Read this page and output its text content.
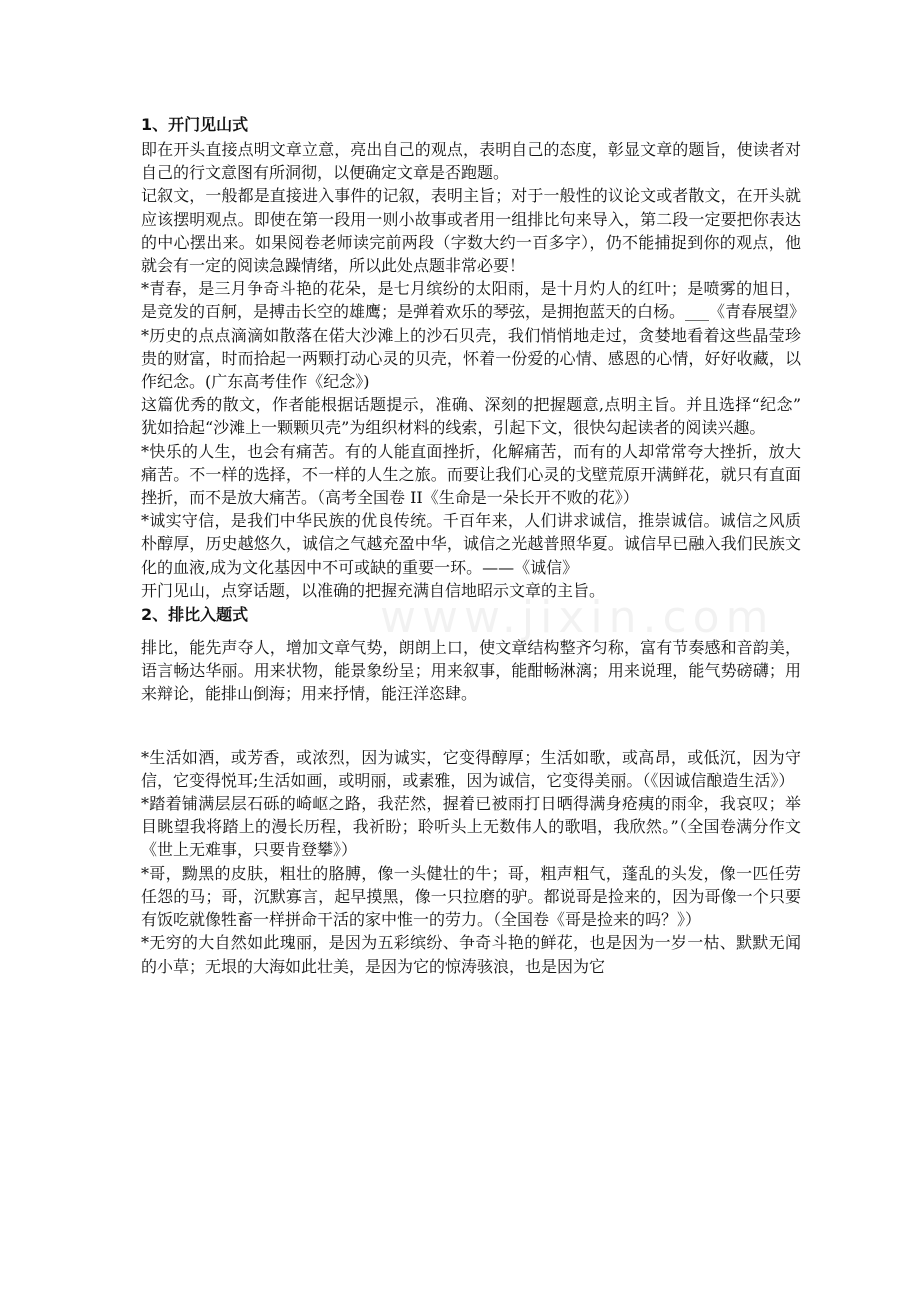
www.jixin.com

1、开门见山式

即在开头直接点明文章立意，亮出自己的观点，表明自己的态度，彰显文章的题旨，使读者对自己的行文意图有所洞彻，以便确定文章是否跑题。

记叙文，一般都是直接进入事件的记叙，表明主旨；对于一般性的议论文或者散文，在开头就应该摆明观点。即使在第一段用一则小故事或者用一组排比句来导入，第二段一定要把你表达的中心摆出来。如果阅卷老师读完前两段（字数大约一百多字），仍不能捕捉到你的观点，他就会有一定的阅读急躁情绪，所以此处点题非常必要！

*青春，是三月争奇斗艳的花朵，是七月缤纷的太阳雨，是十月灼人的红叶；是喷雾的旭日，是竞发的百舸，是搏击长空的雄鹰；是弹着欢乐的琴弦，是拥抱蓝天的白杨。___《青春展望》

*历史的点点滴滴如散落在偌大沙滩上的沙石贝壳，我们悄悄地走过，贪婪地看着这些晶莹珍贵的财富，时而拾起一两颗打动心灵的贝壳，怀着一份爱的心情、感恩的心情，好好收藏，以作纪念。(广东高考佳作《纪念》)

这篇优秀的散文，作者能根据话题提示，准确、深刻的把握题意,点明主旨。并且选择“纪念”犹如拾起“沙滩上一颗颗贝壳”为组织材料的线索，引起下文，很快勾起读者的阅读兴趣。

*快乐的人生，也会有痛苦。有的人能直面挫折，化解痛苦，而有的人却常常夸大挫折，放大痛苦。不一样的选择，不一样的人生之旅。而要让我们心灵的戈壁荒原开满鲜花，就只有直面挫折，而不是放大痛苦。（高考全国卷 II《生命是一朵长开不败的花》）

*诚实守信，是我们中华民族的优良传统。千百年来，人们讲求诚信，推崇诚信。诚信之风质朴醇厚，历史越悠久，诚信之气越充盈中华，诚信之光越普照华夏。诚信早已融入我们民族文化的血液,成为文化基因中不可或缺的重要一环。——《诚信》

开门见山，点穿话题，以准确的把握充满自信地昭示文章的主旨。

2、排比入题式

排比，能先声夺人，增加文章气势，朗朗上口，使文章结构整齐匀称，富有节奏感和音韵美，语言畅达华丽。用来状物，能景象纷呈；用来叙事，能酣畅淋漓；用来说理，能气势磅礴；用来辩论，能排山倒海；用来抒情，能汪洋恣肆。

*生活如酒，或芳香，或浓烈，因为诚实，它变得醇厚；生活如歌，或高昂，或低沉，因为守信，它变得悦耳;生活如画，或明丽，或素雅，因为诚信，它变得美丽。（《因诚信酿造生活》）

*踏着铺满层层石砾的崎岖之路，我茫然，握着已被雨打日晒得满身疮痍的雨伞，我哀叹；举目眺望我将踏上的漫长历程，我祈盼；聆听头上无数伟人的歌唱，我欣然。”（全国卷满分作文《世上无难事，只要肯登攀》）

*哥，黝黑的皮肤，粗壮的胳膊，像一头健壮的牛；哥，粗声粗气，蓬乱的头发，像一匹任劳任怨的马；哥，沉默寡言，起早摸黑，像一只拉磨的驴。都说哥是捡来的，因为哥像一个只要有饭吃就像牲畜一样拼命干活的家中惟一的劳力。（全国卷《哥是捡来的吗？》）

*无穷的大自然如此瑰丽，是因为五彩缤纷、争奇斗艳的鲜花，也是因为一岁一枯、默默无闻的小草；无垠的大海如此壮美，是因为它的惊涛骇浪，也是因为它
